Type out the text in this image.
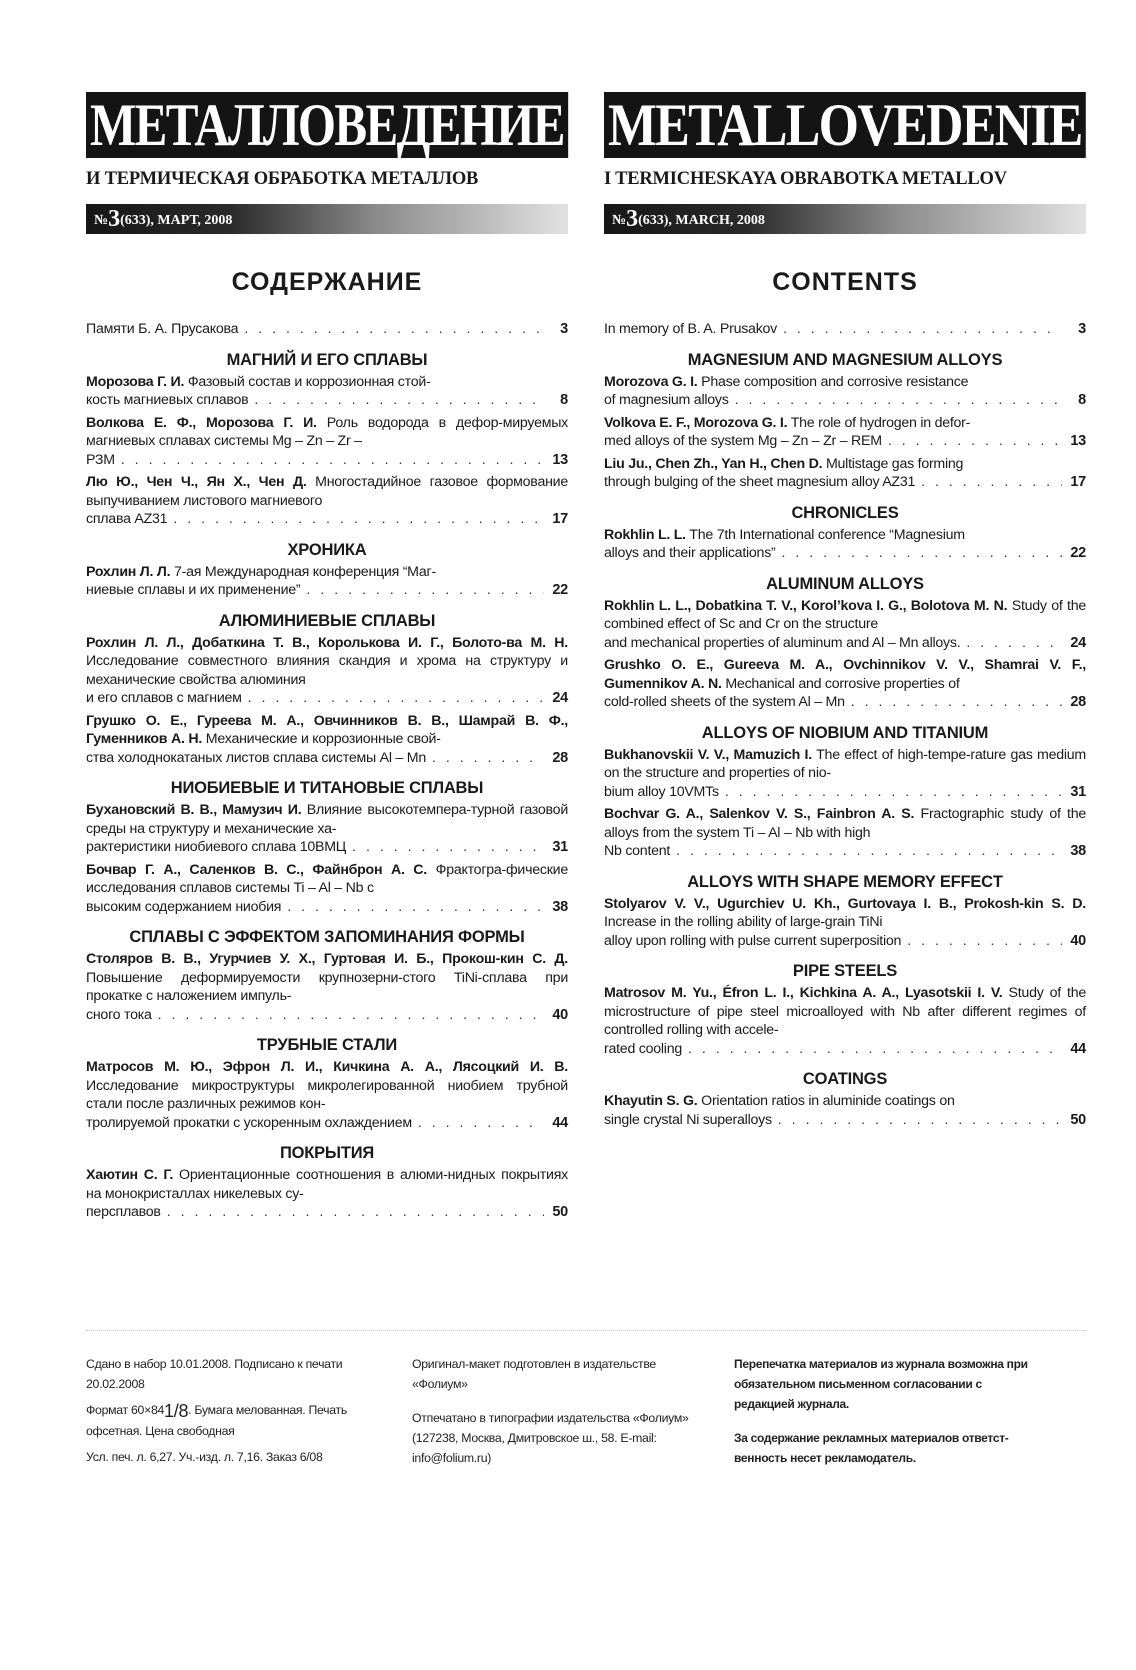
МЕТАЛЛОВЕДЕНИЕ
И ТЕРМИЧЕСКАЯ ОБРАБОТКА МЕТАЛЛОВ
№3(633), МАРТ, 2008
СОДЕРЖАНИЕ
Памяти Б. А. Прусакова . . .	3
МАГНИЙ И ЕГО СПЛАВЫ
Морозова Г. И. Фазовый состав и коррозионная стой-
кость магниевых сплавов . . .	8
Волкова Е. Ф., Морозова Г. И. Роль водорода в дефор-мируемых магниевых сплавах системы Mg – Zn – Zr –
РЗМ . . .	13
Лю Ю., Чен Ч., Ян Х., Чен Д. Многостадийное газовое формование выпучиванием листового магниевого
сплава AZ31 . . .	17
ХРОНИКА
Рохлин Л. Л. 7-ая Международная конференция “Маг-
ниевые сплавы и их применение” . . .	22
АЛЮМИНИЕВЫЕ СПЛАВЫ
Рохлин Л. Л., Добаткина Т. В., Королькова И. Г., Болото-ва М. Н. Исследование совместного влияния скандия и хрома на структуру и механические свойства алюминия
и его сплавов с магнием . . .	24
Грушко О. Е., Гуреева М. А., Овчинников В. В., Шамрай В. Ф., Гуменников А. Н. Механические и коррозионные свой-
ства холоднокатаных листов сплава системы Al – Mn . . .	28
НИОБИЕВЫЕ И ТИТАНОВЫЕ СПЛАВЫ
Бухановский В. В., Мамузич И. Влияние высокотемпера-турной газовой среды на структуру и механические ха-
рактеристики ниобиевого сплава 10ВМЦ . . .	31
Бочвар Г. А., Саленков В. С., Файнброн А. С. Фрактогра-фические исследования сплавов системы Ti – Al – Nb с
высоким содержанием ниобия . . .	38
СПЛАВЫ С ЭФФЕКТОМ ЗАПОМИНАНИЯ ФОРМЫ
Столяров В. В., Угурчиев У. Х., Гуртовая И. Б., Прокош-кин С. Д. Повышение деформируемости крупнозерни-стого TiNi-сплава при прокатке с наложением импуль-
сного тока . . .	40
ТРУБНЫЕ СТАЛИ
Матросов М. Ю., Эфрон Л. И., Кичкина А. А., Лясоцкий И. В. Исследование микроструктуры микролегированной ниобием трубной стали после различных режимов кон-
тролируемой прокатки с ускоренным охлаждением . . .	44
ПОКРЫТИЯ
Хаютин С. Г. Ориентационные соотношения в алюми-нидных покрытиях на монокристаллах никелевых су-
персплавов . . .	50
METALLOVEDENIE
I TERMICHESKAYA OBRABOTKA METALLOV
№3(633), MARCH, 2008
CONTENTS
In memory of B. A. Prusakov . . .	3
MAGNESIUM AND MAGNESIUM ALLOYS
Morozova G. I. Phase composition and corrosive resistance
of magnesium alloys . . .	8
Volkova E. F., Morozova G. I. The role of hydrogen in defor-
med alloys of the system Mg – Zn – Zr – REM . . .	13
Liu Ju., Chen Zh., Yan H., Chen D. Multistage gas forming
through bulging of the sheet magnesium alloy AZ31 . . .	17
CHRONICLES
Rokhlin L. L. The 7th International conference “Magnesium
alloys and their applications” . . .	22
ALUMINUM ALLOYS
Rokhlin L. L., Dobatkina T. V., Korol’kova I. G., Bolotova M. N. Study of the combined effect of Sc and Cr on the structure
and mechanical properties of aluminum and Al – Mn alloys. . . .	24
Grushko O. E., Gureeva M. A., Ovchinnikov V. V., Shamrai V. F., Gumennikov A. N. Mechanical and corrosive properties of
cold-rolled sheets of the system Al – Mn . . .	28
ALLOYS OF NIOBIUM AND TITANIUM
Bukhanovskii V. V., Mamuzich I. The effect of high-tempe-rature gas medium on the structure and properties of nio-
bium alloy 10VMTs . . .	31
Bochvar G. A., Salenkov V. S., Fainbron A. S. Fractographic study of the alloys from the system Ti – Al – Nb with high
Nb content . . .	38
ALLOYS WITH SHAPE MEMORY EFFECT
Stolyarov V. V., Ugurchiev U. Kh., Gurtovaya I. B., Prokosh-kin S. D. Increase in the rolling ability of large-grain TiNi
alloy upon rolling with pulse current superposition . . .	40
PIPE STEELS
Matrosov M. Yu., Éfron L. I., Kichkina A. A., Lyasotskii I. V. Study of the microstructure of pipe steel microalloyed with Nb after different regimes of controlled rolling with accele-
rated cooling . . .	44
COATINGS
Khayutin S. G. Orientation ratios in aluminide coatings on
single crystal Ni superalloys . . .	50

Сдано в набор 10.01.2008. Подписано к печати 20.02.2008

Формат 60×841/8. Бумага мелованная. Печать офсетная. Цена свободная

Усл. печ. л. 6,27. Уч.-изд. л. 7,16. Заказ 6/08

Оригинал-макет подготовлен в издательстве «Фолиум»

Отпечатано в типографии издательства «Фолиум» (127238, Москва, Дмитровское ш., 58. E-mail: info@folium.ru)

Перепечатка материалов из журнала возможна при обязательном письменном согласовании с редакцией журнала.

За содержание рекламных материалов ответст-венность несет рекламодатель.
